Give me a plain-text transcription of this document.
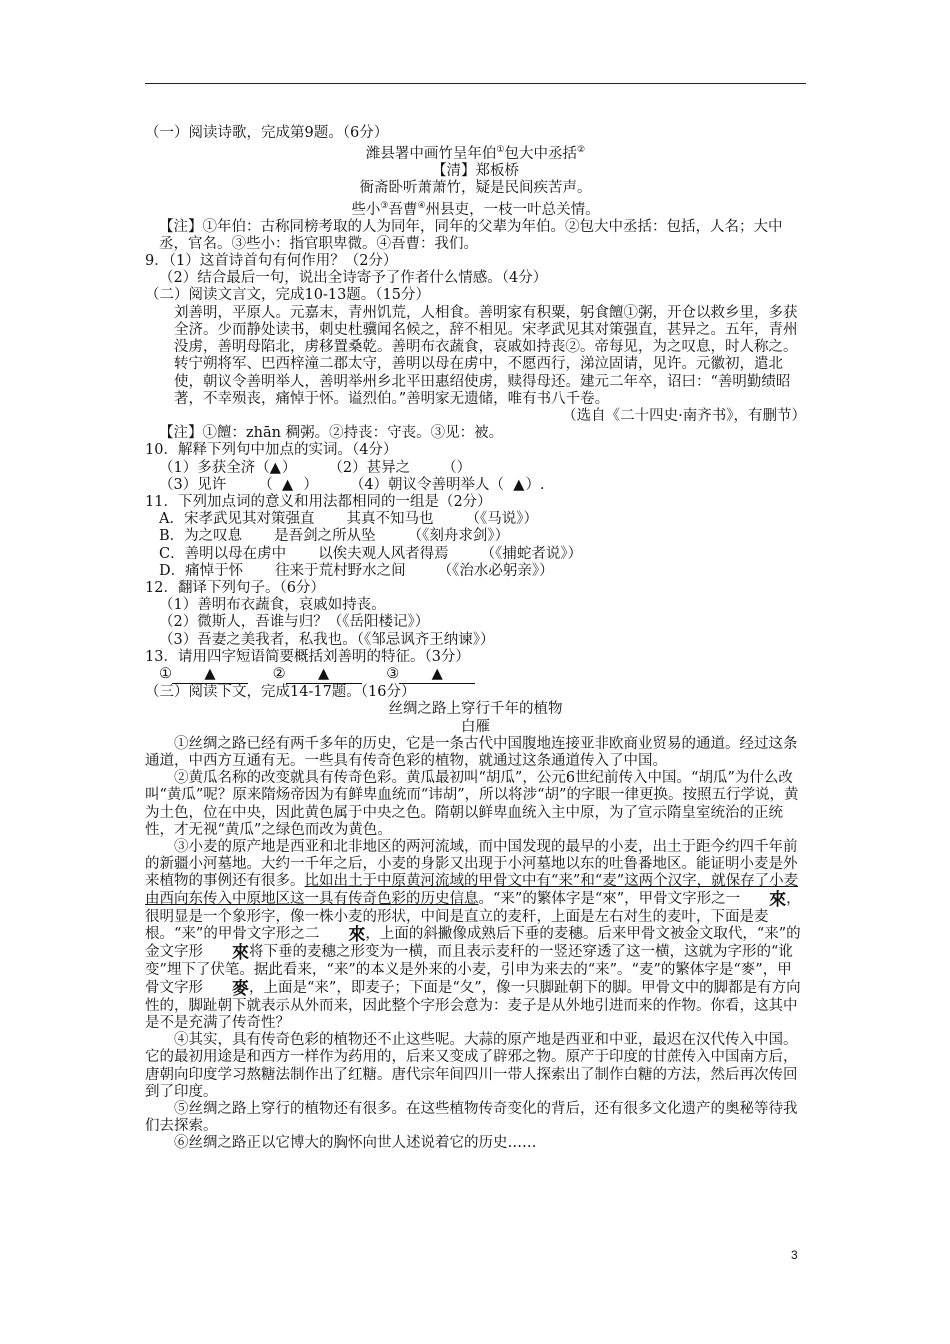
（一）阅读诗歌，完成第9题。（6分）
潍县署中画竹呈年伯①包大中丞括②
【清】郑板桥
衙斋卧听萧萧竹，疑是民间疾苦声。
些小③吾曹④州县吏，一枝一叶总关情。
【注】①年伯：古称同榜考取的人为同年，同年的父辈为年伯。②包大中丞括：包括，人名；大中丞，官名。③些小：指官职卑微。④吾曹：我们。
9．（1）这首诗首句有何作用？（2分）
（2）结合最后一句，说出全诗寄予了作者什么情感。（4分）
（二）阅读文言文，完成10-13题。（15分）
刘善明，平原人。元嘉末，青州饥荒，人相食。善明家有积粟，躬食饘①粥，开仓以救乡里，多获全济。少而静处读书，刺史杜骥闻名候之，辞不相见。宋孝武见其对策强直，甚异之。五年，青州没虏，善明母陷北，虏移置桑乾。善明布衣蔬食，哀戚如持丧②。帝每见，为之叹息，时人称之。转宁朔将军、巴西梓潼二郡太守，善明以母在虏中，不愿西行，涕泣固请，见许。元徽初，遣北使，朝议令善明举人，善明举州乡北平田惠绍使虏，赎得母还。建元二年卒，诏曰：“善明勤绩昭著，不幸殒丧，痛悼于怀。谥烈伯。”善明家无遗储，唯有书八千卷。
（选自《二十四史·南齐书》，有删节）
【注】①饘：zhān 稠粥。②持丧：守丧。③见：被。
10．解释下列句中加点的实词。（4分）
（1）多获全济（▲） （2）甚异之 （）
（3）见许 （  ▲ ） （4）朝议令善明举人（ ▲）.
11．下列加点词的意义和用法都相同的一组是（2分）
A．宋孝武见其对策强直 其真不知马也 （《马说》）
B．为之叹息 是吾剑之所从坠 （《刻舟求剑》）
C．善明以母在虏中 以俟夫观人风者得焉 （《捕蛇者说》）
D．痛悼于怀 往来于荒村野水之间 （《治水必躬亲》）
12．翻译下列句子。（6分）
（1）善明布衣蔬食，哀戚如持丧。
（2）微斯人，吾谁与归？（《岳阳楼记》）
（3）吾妻之美我者，私我也。（《邹忌讽齐王纳谏》）
13．请用四字短语简要概括刘善明的特征。（3分）
① ▲	② ▲	③ ▲
（三）阅读下文，完成14-17题。（16分）
丝绸之路上穿行千年的植物
白雁
①丝绸之路已经有两千多年的历史，它是一条古代中国腹地连接亚非欧商业贸易的通道。经过这条通道，中西方互通有无。一些具有传奇色彩的植物，就通过这条通道传入了中国。
②黄瓜名称的改变就具有传奇色彩。黄瓜最初叫“胡瓜”，公元6世纪前传入中国。“胡瓜”为什么改叫“黄瓜”呢？原来隋炀帝因为有鲜卑血统而“讳胡”，所以将涉“胡”的字眼一律更换。按照五行学说，黄为土色，位在中央，因此黄色属于中央之色。隋朝以鲜卑血统入主中原，为了宣示隋皇室统治的正统性，才无视“黄瓜”之绿色而改为黄色。
③小麦的原产地是西亚和北非地区的两河流域，而中国发现的最早的小麦，出土于距今约四千年前的新疆小河墓地。大约一千年之后，小麦的身影又出现于小河墓地以东的吐鲁番地区。能证明小麦是外来植物的事例还有很多。比如出土于中原黄河流域的甲骨文中有“来”和“麦”这两个汉字，就保存了小麦由西向东传入中原地区这一具有传奇色彩的历史信息。“来”的繁体字是“來”，甲骨文字形之一 來，很明显是一个象形字，像一株小麦的形状，中间是直立的麦秆，上面是左右对生的麦叶，下面是麦根。“来”的甲骨文字形之二 來，上面的斜撇像成熟后下垂的麦穗。后来甲骨文被金文取代，“来”的金文字形 來将下垂的麦穗之形变为一横，而且表示麦秆的一竖还穿透了这一横，这就为字形的“讹变”埋下了伏笔。据此看来，“来”的本义是外来的小麦，引申为来去的“来”。“麦”的繁体字是“麥”，甲骨文字形 麥，上面是“来”，即麦子；下面是“夂”，像一只脚趾朝下的脚。甲骨文中的脚都是有方向性的，脚趾朝下就表示从外而来，因此整个字形会意为：麦子是从外地引进而来的作物。你看，这其中是不是充满了传奇性？
④其实，具有传奇色彩的植物还不止这些呢。大蒜的原产地是西亚和中亚，最迟在汉代传入中国。它的最初用途是和西方一样作为药用的，后来又变成了辟邪之物。原产于印度的甘蔗传入中国南方后，唐朝向印度学习熬糖法制作出了红糖。唐代宗年间四川一带人探索出了制作白糖的方法，然后再次传回到了印度。
⑤丝绸之路上穿行的植物还有很多。在这些植物传奇变化的背后，还有很多文化遗产的奥秘等待我们去探索。
⑥丝绸之路正以它博大的胸怀向世人述说着它的历史……
3
